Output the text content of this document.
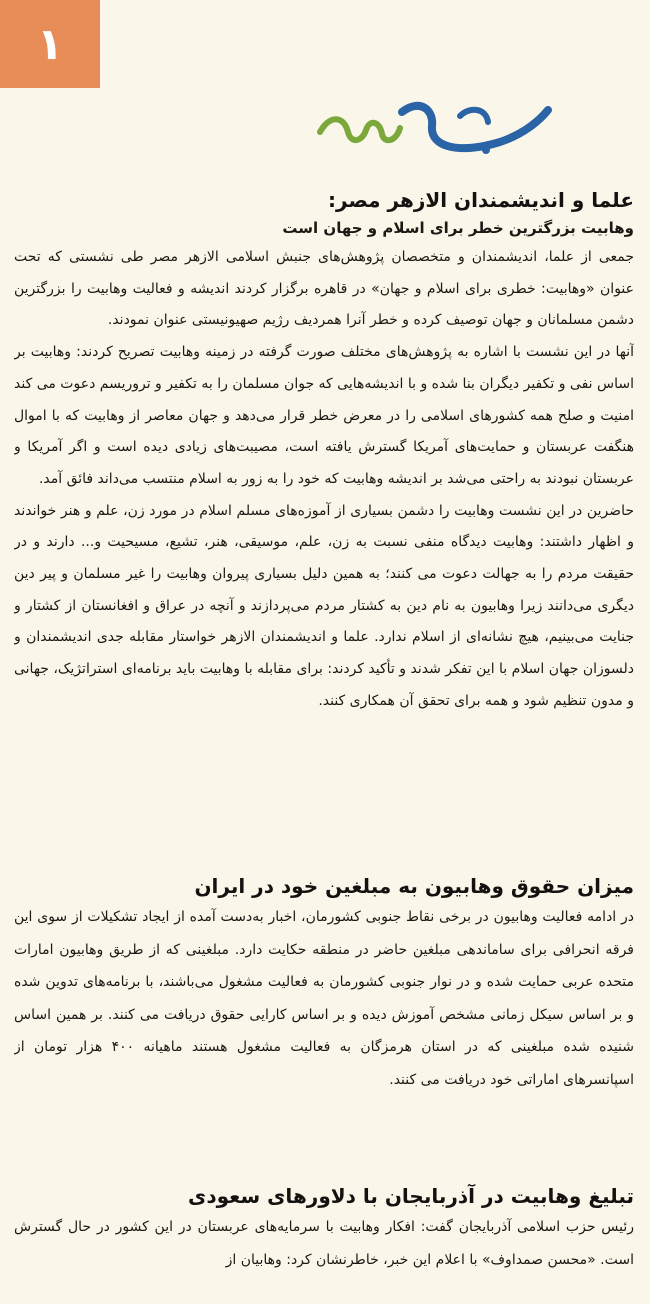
۱
علما و اندیشمندان الازهر مصر:
وهابیت بزرگترین خطر برای اسلام و جهان است

جمعی از علما، اندیشمندان و متخصصان پژوهش‌های جنبش اسلامی الازهر مصر طی نشستی که تحت عنوان «وهابیت: خطری برای اسلام و جهان» در قاهره برگزار کردند اندیشه و فعالیت وهابیت را بزرگترین دشمن مسلمانان و جهان توصیف کرده و خطر آنرا همردیف رژیم صهیونیستی عنوان نمودند.

آنها در این نشست با اشاره به پژوهش‌های مختلف صورت گرفته در زمینه وهابیت تصریح کردند: وهابیت بر اساس نفی و تکفیر دیگران بنا شده و با اندیشه‌هایی که جوان مسلمان را به تکفیر و تروریسم دعوت می کند امنیت و صلح همه کشورهای اسلامی را در معرض خطر قرار می‌دهد و جهان معاصر از وهابیت که با اموال هنگفت عربستان و حمایت‌های آمریکا گسترش یافته است، مصیبت‌های زیادی دیده است و اگر آمریکا و عربستان نبودند به راحتی می‌شد بر اندیشه وهابیت که خود را به زور به اسلام منتسب می‌داند فائق آمد.

حاضرین در این نشست وهابیت را دشمن بسیاری از آموزه‌های مسلم اسلام در مورد زن، علم و هنر خواندند و اظهار داشتند: وهابیت دیدگاه منفی نسبت به زن، علم، موسیقی، هنر، تشیع، مسیحیت و... دارند و در حقیقت مردم را به جهالت دعوت می کنند؛ به همین دلیل بسیاری پیروان وهابیت را غیر مسلمان و پیر دین دیگری می‌دانند زیرا وهابیون به نام دین به کشتار مردم می‌پردازند و آنچه در عراق و افغانستان از کشتار و جنایت می‌بینیم، هیچ نشانه‌ای از اسلام ندارد. علما و اندیشمندان الازهر خواستار مقابله جدی اندیشمندان و دلسوزان جهان اسلام با این تفکر شدند و تأکید کردند: برای مقابله با وهابیت باید برنامه‌ای استراتژیک، جهانی و مدون تنظیم شود و همه برای تحقق آن همکاری کنند.

میزان حقوق وهابیون به مبلغین خود در ایران

در ادامه فعالیت وهابیون در برخی نقاط جنوبی کشورمان، اخبار به‌دست آمده از ایجاد تشکیلات از سوی این فرقه انحرافی برای ساماندهی مبلغین حاضر در منطقه حکایت دارد. مبلغینی که از طریق وهابیون امارات متحده عربی حمایت شده و در نوار جنوبی کشورمان به فعالیت مشغول می‌باشند، با برنامه‌های تدوین شده و بر اساس سیکل زمانی مشخص آموزش دیده و بر اساس کارایی حقوق دریافت می کنند. بر همین اساس شنیده شده مبلغینی که در استان هرمزگان به فعالیت مشغول هستند ماهیانه ۴۰۰ هزار تومان از اسپانسرهای اماراتی خود دریافت می کنند.

تبلیغ وهابیت در آذربایجان با دلاورهای سعودی

رئیس حزب اسلامی آذربایجان گفت: افکار وهابیت با سرمایه‌های عربستان در این کشور در حال گسترش است. «محسن صمداوف» با اعلام این خبر، خاطرنشان کرد: وهابیان از
